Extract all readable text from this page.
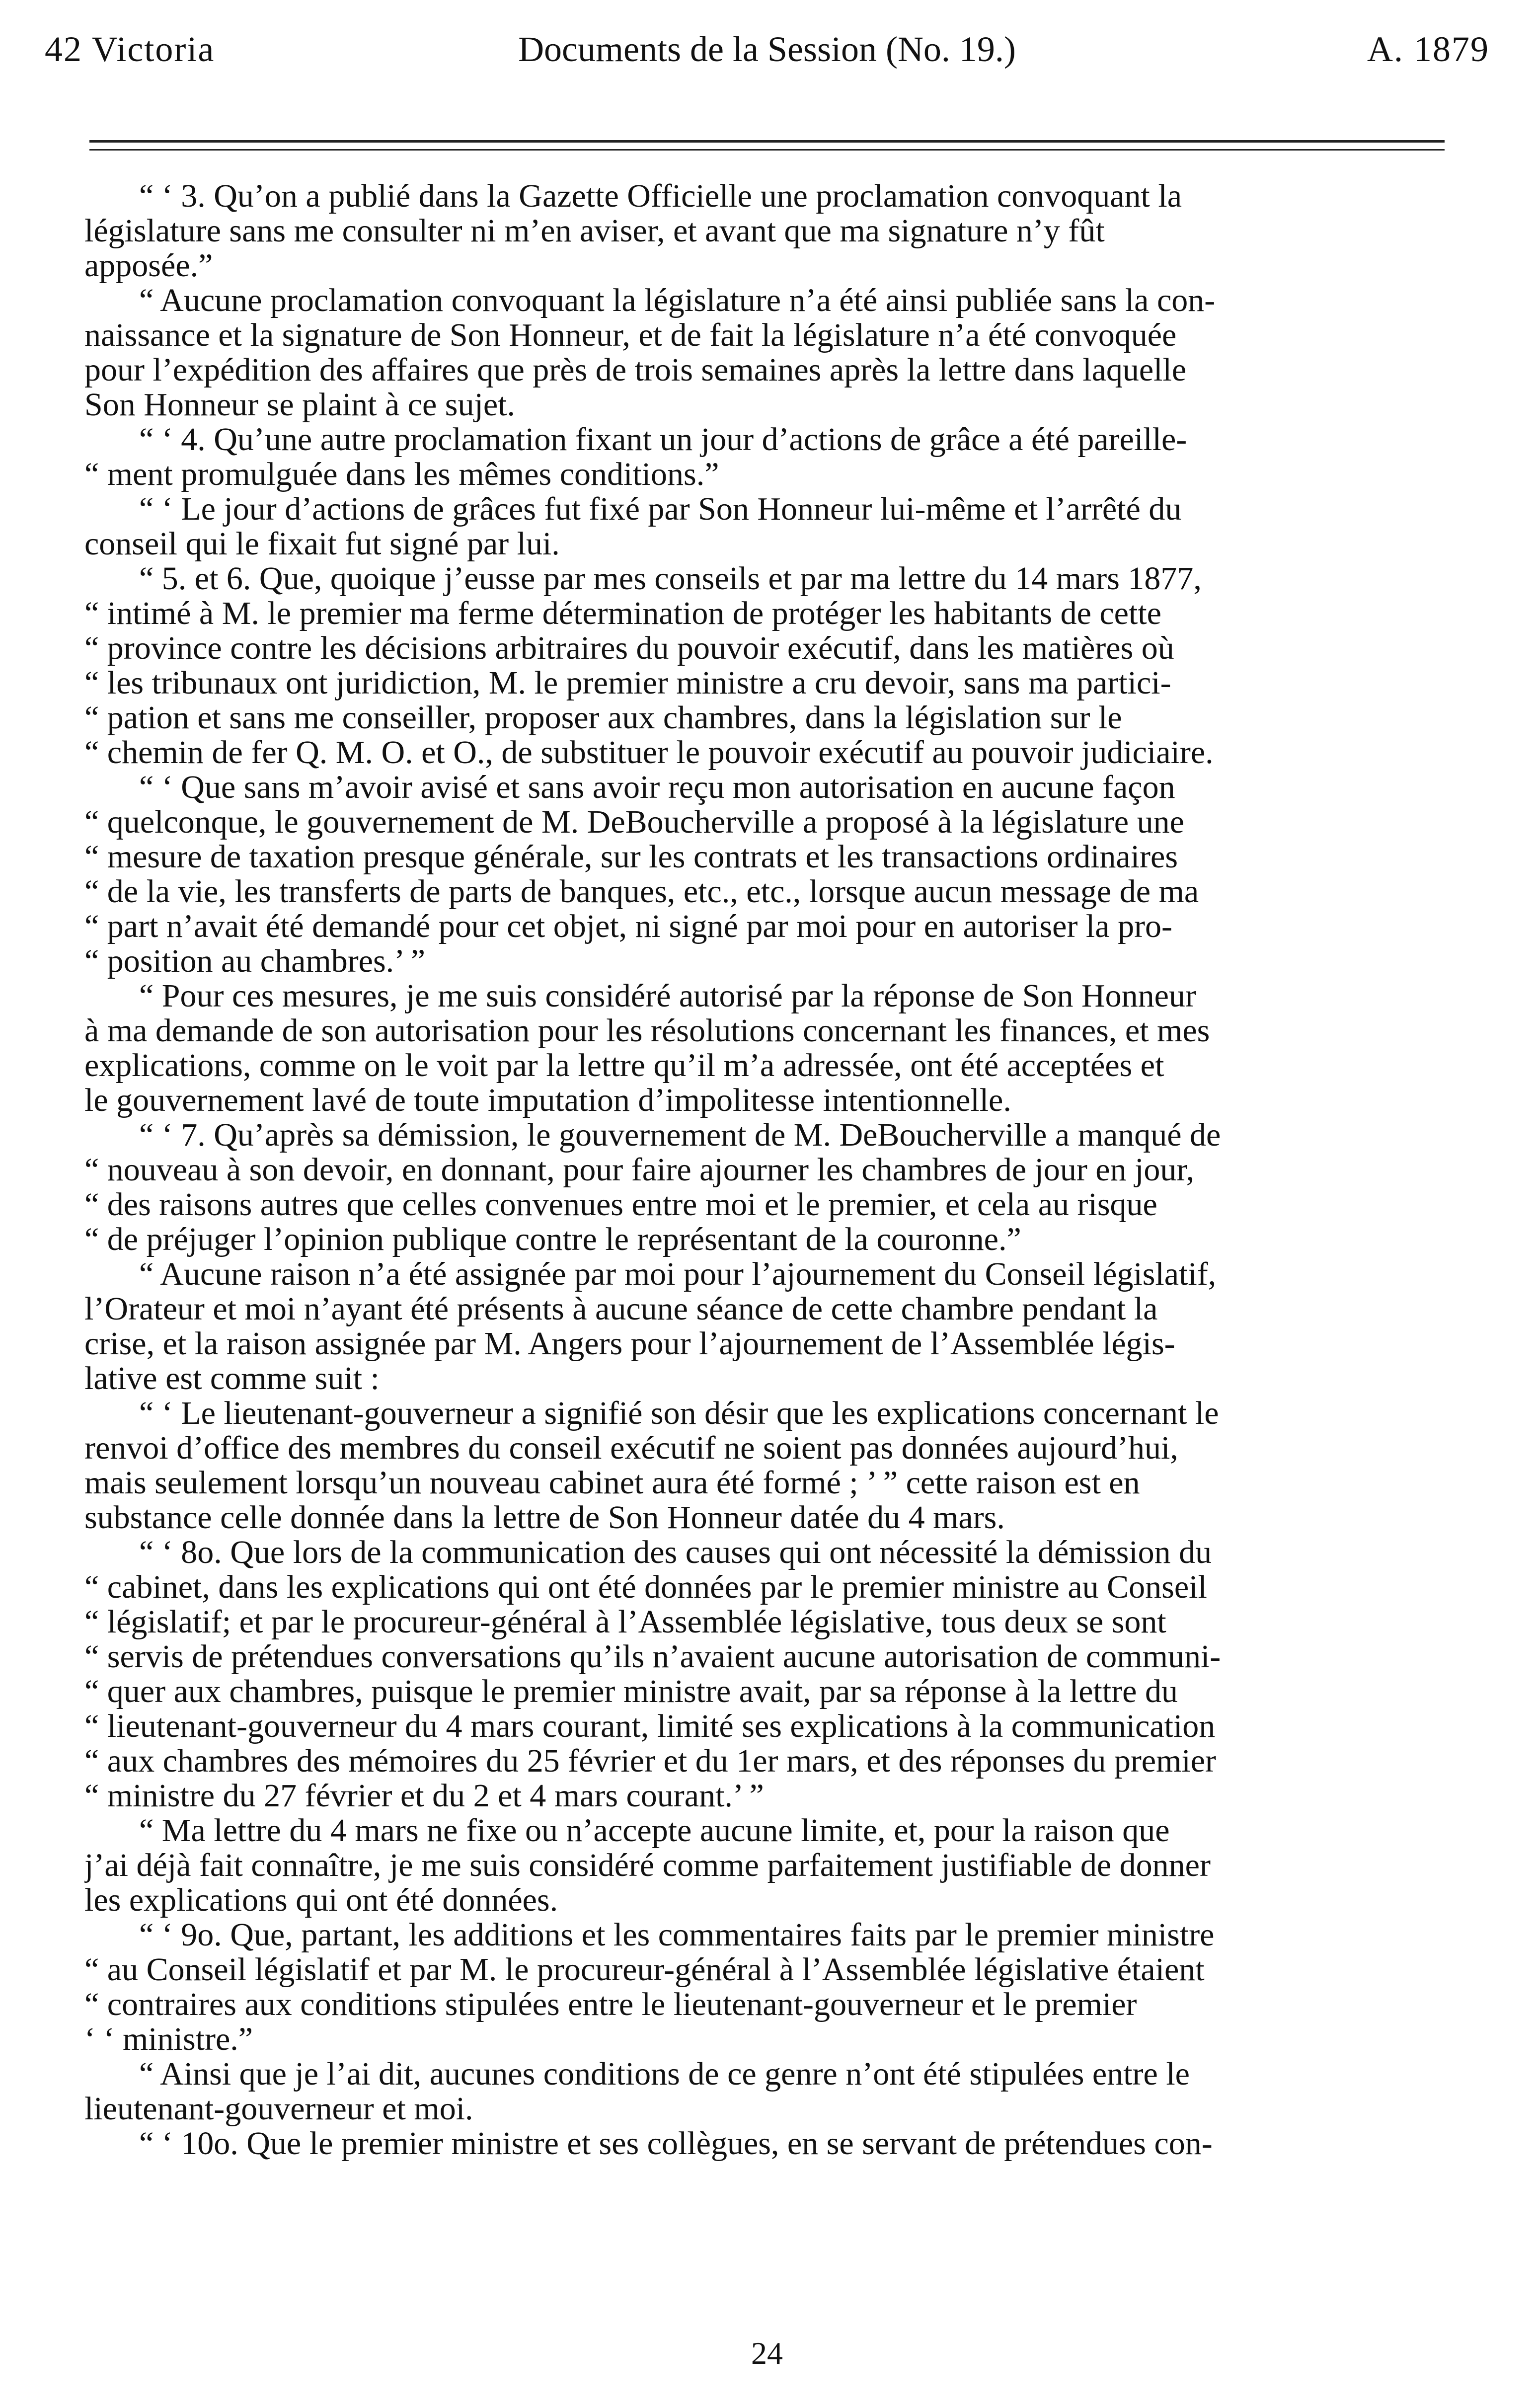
42 Victoria	Documents de la Session (No. 19.)	A. 1879
“ ‘ 3. Qu’on a publié dans la Gazette Officielle une proclamation convoquant la
législature sans me consulter ni m’en aviser, et avant que ma signature n’y fût
apposée.”
“ Aucune proclamation convoquant la législature n’a été ainsi publiée sans la con-
naissance et la signature de Son Honneur, et de fait la législature n’a été convoquée
pour l’expédition des affaires que près de trois semaines après la lettre dans laquelle
Son Honneur se plaint à ce sujet.
“ ‘ 4. Qu’une autre proclamation fixant un jour d’actions de grâce a été pareille-
“ ment promulguée dans les mêmes conditions.”
“ ‘ Le jour d’actions de grâces fut fixé par Son Honneur lui-même et l’arrêté du
conseil qui le fixait fut signé par lui.
“ 5. et 6. Que, quoique j’eusse par mes conseils et par ma lettre du 14 mars 1877,
“ intimé à M. le premier ma ferme détermination de protéger les habitants de cette
“ province contre les décisions arbitraires du pouvoir exécutif, dans les matières où
“ les tribunaux ont juridiction, M. le premier ministre a cru devoir, sans ma partici-
“ pation et sans me conseiller, proposer aux chambres, dans la législation sur le
“ chemin de fer Q. M. O. et O., de substituer le pouvoir exécutif au pouvoir judiciaire.
“ ‘ Que sans m’avoir avisé et sans avoir reçu mon autorisation en aucune façon
“ quelconque, le gouvernement de M. DeBoucherville a proposé à la législature une
“ mesure de taxation presque générale, sur les contrats et les transactions ordinaires
“ de la vie, les transferts de parts de banques, etc., etc., lorsque aucun message de ma
“ part n’avait été demandé pour cet objet, ni signé par moi pour en autoriser la pro-
“ position au chambres.’ ”
“ Pour ces mesures, je me suis considéré autorisé par la réponse de Son Honneur
à ma demande de son autorisation pour les résolutions concernant les finances, et mes
explications, comme on le voit par la lettre qu’il m’a adressée, ont été acceptées et
le gouvernement lavé de toute imputation d’impolitesse intentionnelle.
“ ‘ 7. Qu’après sa démission, le gouvernement de M. DeBoucherville a manqué de
“ nouveau à son devoir, en donnant, pour faire ajourner les chambres de jour en jour,
“ des raisons autres que celles convenues entre moi et le premier, et cela au risque
“ de préjuger l’opinion publique contre le représentant de la couronne.”
“ Aucune raison n’a été assignée par moi pour l’ajournement du Conseil législatif,
l’Orateur et moi n’ayant été présents à aucune séance de cette chambre pendant la
crise, et la raison assignée par M. Angers pour l’ajournement de l’Assemblée légis-
lative est comme suit :
“ ‘ Le lieutenant-gouverneur a signifié son désir que les explications concernant le
renvoi d’office des membres du conseil exécutif ne soient pas données aujourd’hui,
mais seulement lorsqu’un nouveau cabinet aura été formé ; ’ ” cette raison est en
substance celle donnée dans la lettre de Son Honneur datée du 4 mars.
“ ‘ 8o. Que lors de la communication des causes qui ont nécessité la démission du
“ cabinet, dans les explications qui ont été données par le premier ministre au Conseil
“ législatif; et par le procureur-général à l’Assemblée législative, tous deux se sont
“ servis de prétendues conversations qu’ils n’avaient aucune autorisation de communi-
“ quer aux chambres, puisque le premier ministre avait, par sa réponse à la lettre du
“ lieutenant-gouverneur du 4 mars courant, limité ses explications à la communication
“ aux chambres des mémoires du 25 février et du 1er mars, et des réponses du premier
“ ministre du 27 février et du 2 et 4 mars courant.’ ”
“ Ma lettre du 4 mars ne fixe ou n’accepte aucune limite, et, pour la raison que
j’ai déjà fait connaître, je me suis considéré comme parfaitement justifiable de donner
les explications qui ont été données.
“ ‘ 9o. Que, partant, les additions et les commentaires faits par le premier ministre
“ au Conseil législatif et par M. le procureur-général à l’Assemblée législative étaient
“ contraires aux conditions stipulées entre le lieutenant-gouverneur et le premier
‘ ‘ ministre.”
“ Ainsi que je l’ai dit, aucunes conditions de ce genre n’ont été stipulées entre le
lieutenant-gouverneur et moi.
“ ‘ 10o. Que le premier ministre et ses collègues, en se servant de prétendues con-
24
